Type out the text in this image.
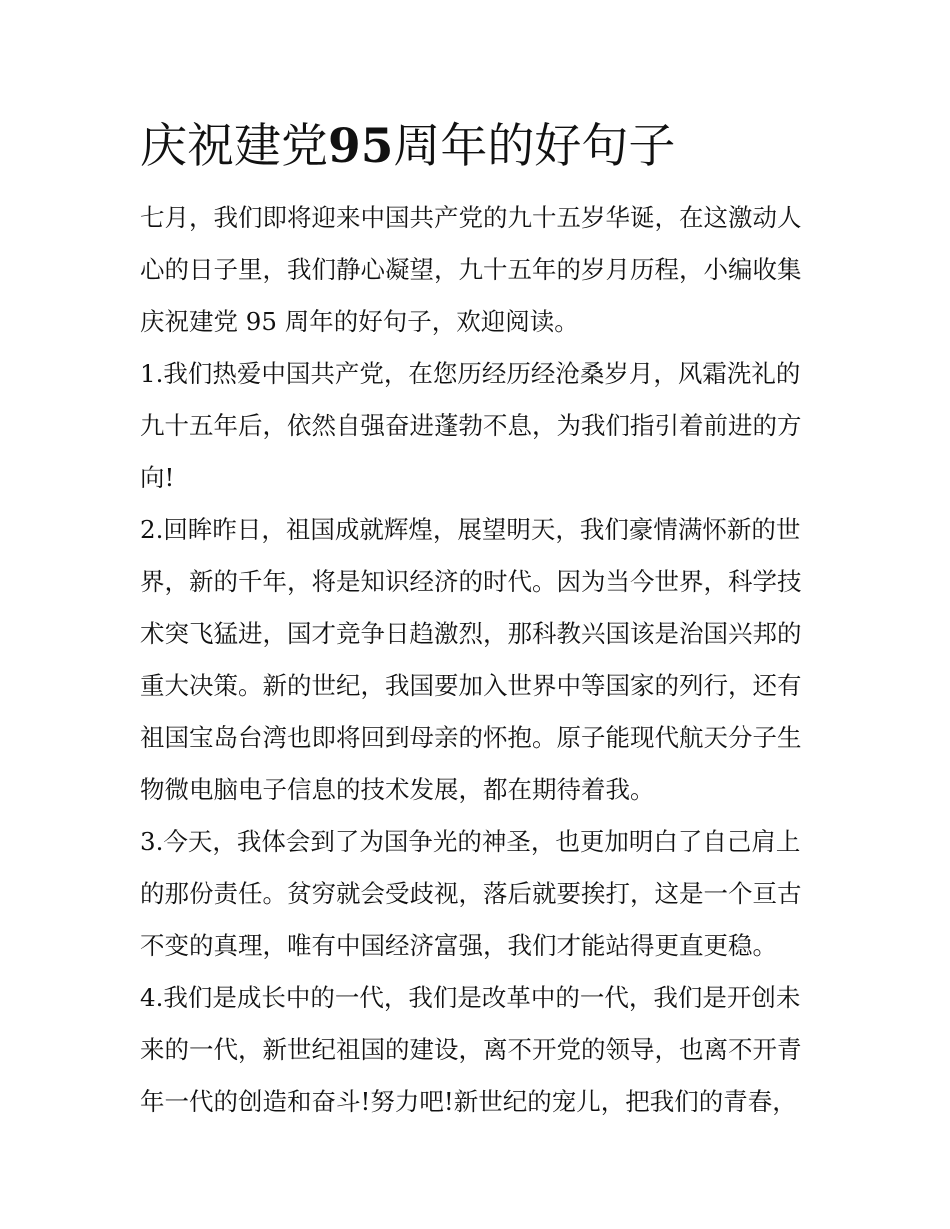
庆祝建党95周年的好句子
七月，我们即将迎来中国共产党的九十五岁华诞，在这激动人
心的日子里，我们静心凝望，九十五年的岁月历程，小编收集
庆祝建党 95 周年的好句子，欢迎阅读。
1.我们热爱中国共产党，在您历经历经沧桑岁月，风霜洗礼的
九十五年后，依然自强奋进蓬勃不息，为我们指引着前进的方
向!
2.回眸昨日，祖国成就辉煌，展望明天，我们豪情满怀新的世
界，新的千年，将是知识经济的时代。因为当今世界，科学技
术突飞猛进，国才竞争日趋激烈，那科教兴国该是治国兴邦的
重大决策。新的世纪，我国要加入世界中等国家的列行，还有
祖国宝岛台湾也即将回到母亲的怀抱。原子能现代航天分子生
物微电脑电子信息的技术发展，都在期待着我。
3.今天，我体会到了为国争光的神圣，也更加明白了自己肩上
的那份责任。贫穷就会受歧视，落后就要挨打，这是一个亘古
不变的真理，唯有中国经济富强，我们才能站得更直更稳。
4.我们是成长中的一代，我们是改革中的一代，我们是开创未
来的一代，新世纪祖国的建设，离不开党的领导，也离不开青
年一代的创造和奋斗!努力吧!新世纪的宠儿，把我们的青春，
